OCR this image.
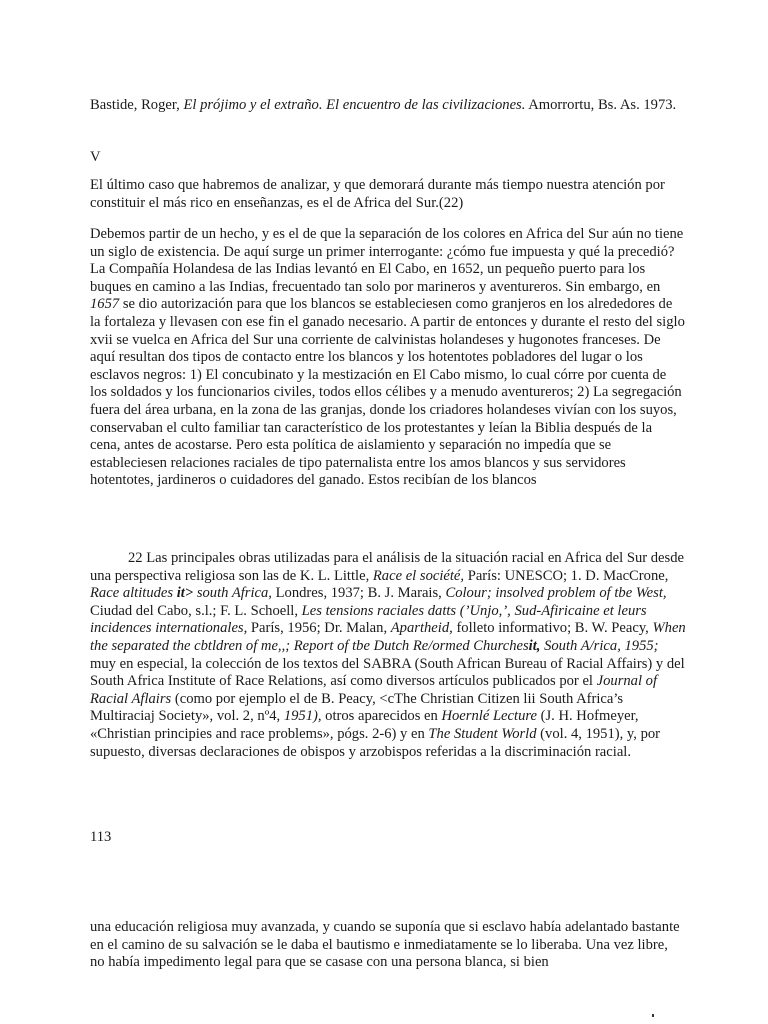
Bastide, Roger, El prójimo y el extraño. El encuentro de las civilizaciones. Amorrortu, Bs. As. 1973.

V

El último caso que habremos de analizar, y que demorará durante más tiempo nuestra atención por constituir el más rico en enseñanzas, es el de Africa del Sur.(22)

Debemos partir de un hecho, y es el de que la separación de los colores en Africa del Sur aún no tiene un siglo de existencia. De aquí surge un primer interrogante: ¿cómo fue impuesta y qué la precedió? La Compañía Holandesa de las Indias levantó en El Cabo, en 1652, un pequeño puerto para los buques en camino a las Indias, frecuentado tan solo por marineros y aventureros. Sin embargo, en 1657 se dio autorización para que los blancos se estableciesen como granjeros en los alrededores de la fortaleza y llevasen con ese fin el ganado necesario. A partir de entonces y durante el resto del siglo xvii se vuelca en Africa del Sur una corriente de calvinistas holandeses y hugonotes franceses. De aquí resultan dos tipos de contacto entre los blancos y los hotentotes pobladores del lugar o los esclavos negros: 1) El concubinato y la mestización en El Cabo mismo, lo cual córre por cuenta de los soldados y los funcionarios civiles, todos ellos célibes y a menudo aventureros; 2) La segregación fuera del área urbana, en la zona de las granjas, donde los criadores holandeses vivían con los suyos, conservaban el culto familiar tan característico de los protestantes y leían la Biblia después de la cena, antes de acostarse. Pero esta política de aislamiento y separación no impedía que se estableciesen relaciones raciales de tipo paternalista entre los amos blancos y sus servidores hotentotes, jardineros o cuidadores del ganado. Estos recibían de los blancos

22 Las principales obras utilizadas para el análisis de la situación racial en Africa del Sur desde una perspectiva religiosa son las de K. L. Little, Race el société, París: UNESCO; 1. D. MacCrone, Race altitudes it> south Africa, Londres, 1937; B. J. Marais, Colour; insolved problem of tbe West, Ciudad del Cabo, s.l.; F. L. Schoell, Les tensions raciales datts (’Unjo,’, Sud-Afiricaine et leurs incidences internationales, París, 1956; Dr. Malan, Apartheid, folleto informativo; B. W. Peacy, When the separated the cbtldren of me,,; Report of tbe Dutch Re/ormed Churchesit, South A/rica, 1955; muy en especial, la colección de los textos del SABRA (South African Bureau of Racial Affairs) y del South Africa Institute of Race Relations, así como diversos artículos publicados por el Journal of Racial Aflairs (como por ejemplo el de B. Peacy, <cThe Christian Citizen lii South Africa’s Multiraciaj Society», vol. 2, nº4, 1951), otros aparecidos en Hoernlé Lecture (J. H. Hofmeyer, «Christian principies and race problems», pógs. 2-6) y en The Student World (vol. 4, 1951), y, por supuesto, diversas declaraciones de obispos y arzobispos referidas a la discriminación racial.

113

una educación religiosa muy avanzada, y cuando se suponía que si esclavo había adelantado bastante en el camino de su salvación se le daba el bautismo e inmediatamente se lo liberaba. Una vez libre, no había impedimento legal para que se casase con una persona blanca, si bien
